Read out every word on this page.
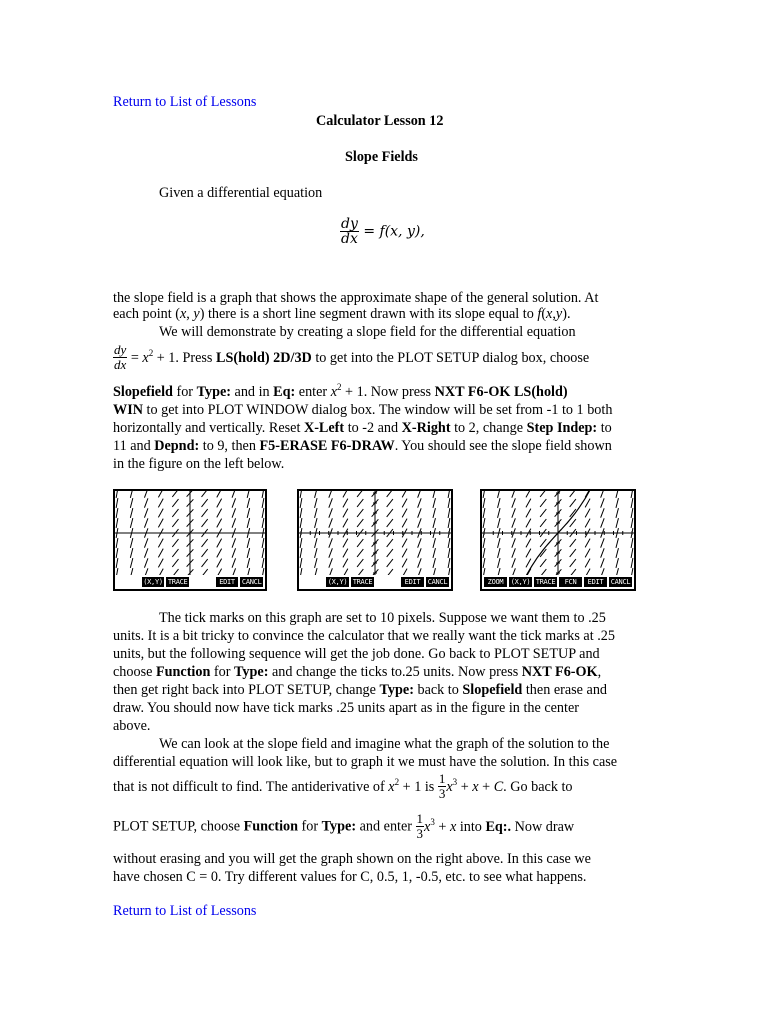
Return to List of Lessons
Calculator Lesson 12
Slope Fields
Given a differential equation
$\frac{dy}{dx} = f(x$, y),
the slope field is a graph that shows the approximate shape of the general solution. At
each point (x, y) there is a short line segment drawn with its slope equal to f(x,y).
We will demonstrate by creating a slope field for the differential equation
$\frac{dy}{dx} = x^2 + 1$. Press LS(hold) 2D/3D to get into the PLOT SETUP dialog box, choose
Slopefield for Type: and in Eq: enter $x^2 + 1$. Now press NXT F6-OK LS(hold)
WIN to get into PLOT WINDOW dialog box. The window will be set from -1 to 1 both
horizontally and vertically. Reset X-Left to -2 and X-Right to 2, change Step Indep: to
11 and Depnd: to 9, then F5-ERASE F6-DRAW. You should see the slope field shown
in the figure on the left below.
(X,Y) TRACE	EDIT	CANCL	(X,Y) TRACE	EDIT	CANCL	ZOOM	(X,Y) TRACE	FCN	EDIT	CANCL
The tick marks on this graph are set to 10 pixels. Suppose we want them to .25
units. It is a bit tricky to convince the calculator that we really want the tick marks at .25
units, but the following sequence will get the job done. Go back to PLOT SETUP and
choose Function for Type: and change the ticks to.25 units. Now press NXT F6-OK,
then get right back into PLOT SETUP, change Type: back to Slopefield then erase and
draw. You should now have tick marks .25 units apart as in the figure in the center
above.
We can look at the slope field and imagine what the graph of the solution to the
differential equation will look like, but to graph it we must have the solution. In this case
that is not difficult to find. The antiderivative of $x^2 + 1$ is $\frac{1}{3} x^3 + x + C$. Go back to
PLOT SETUP, choose Function for Type: and enter $\frac{1}{3} x^3 + x$ into Eq:. Now draw
without erasing and you will get the graph shown on the right above. In this case we
have chosen C = 0. Try different values for C, 0.5, 1, -0.5, etc. to see what happens.
Return to List of Lessons
